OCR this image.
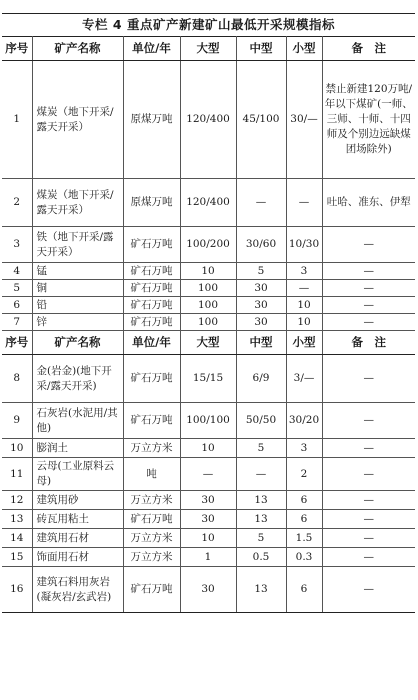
专栏 4 重点矿产新建矿山最低开采规模指标
序号	矿产名称	单位/年	大型	中型	小型	备　注
1	煤炭（地下开采/露天开采）	原煤万吨	120/400	45/100	30/—	禁止新建120万吨/年以下煤矿(一师、三师、十师、十四师及个别边远缺煤团场除外)
2	煤炭（地下开采/露天开采）	原煤万吨	120/400	—	—	吐哈、准东、伊犁
3	铁（地下开采/露天开采）	矿石万吨	100/200	30/60	10/30	—
4	锰	矿石万吨	10	5	3	—
5	铜	矿石万吨	100	30	—	—
6	铅	矿石万吨	100	30	10	—
7	锌	矿石万吨	100	30	10	—
序号	矿产名称	单位/年	大型	中型	小型	备　注
8	金(岩金)(地下开采/露天开采)	矿石万吨	15/15	6/9	3/—	—
9	石灰岩(水泥用/其他)	矿石万吨	100/100	50/50	30/20	—
10	膨润土	万立方米	10	5	3	—
11	云母(工业原料云母)	吨	—	—	2	—
12	建筑用砂	万立方米	30	13	6	—
13	砖瓦用粘土	矿石万吨	30	13	6	—
14	建筑用石材	万立方米	10	5	1.5	—
15	饰面用石材	万立方米	1	0.5	0.3	—
16	建筑石料用灰岩(凝灰岩/玄武岩)	矿石万吨	30	13	6	—
